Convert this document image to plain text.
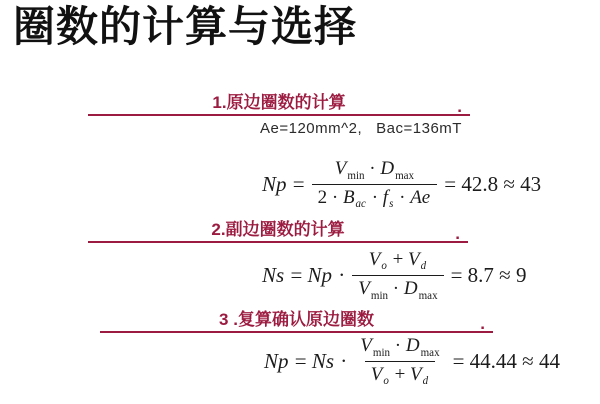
圈数的计算与选择
1.原边圈数的计算	.
Ae=120mm^2,   Bac=136mT
$Np = \frac{V_{min} \cdot D_{max}}{2 \cdot B_{ac} \cdot f_s \cdot Ae} = 42.8 \approx 43$
2.副边圈数的计算	.
$Ns = Np \cdot \frac{V_o + V_d}{V_{min} \cdot D_{max}} = 8.7 \approx 9$
3 .复算确认原边圈数	.
$Np = Ns \cdot \frac{V_{min} \cdot D_{max}}{V_o + V_d} = 44.44 \approx 44$
